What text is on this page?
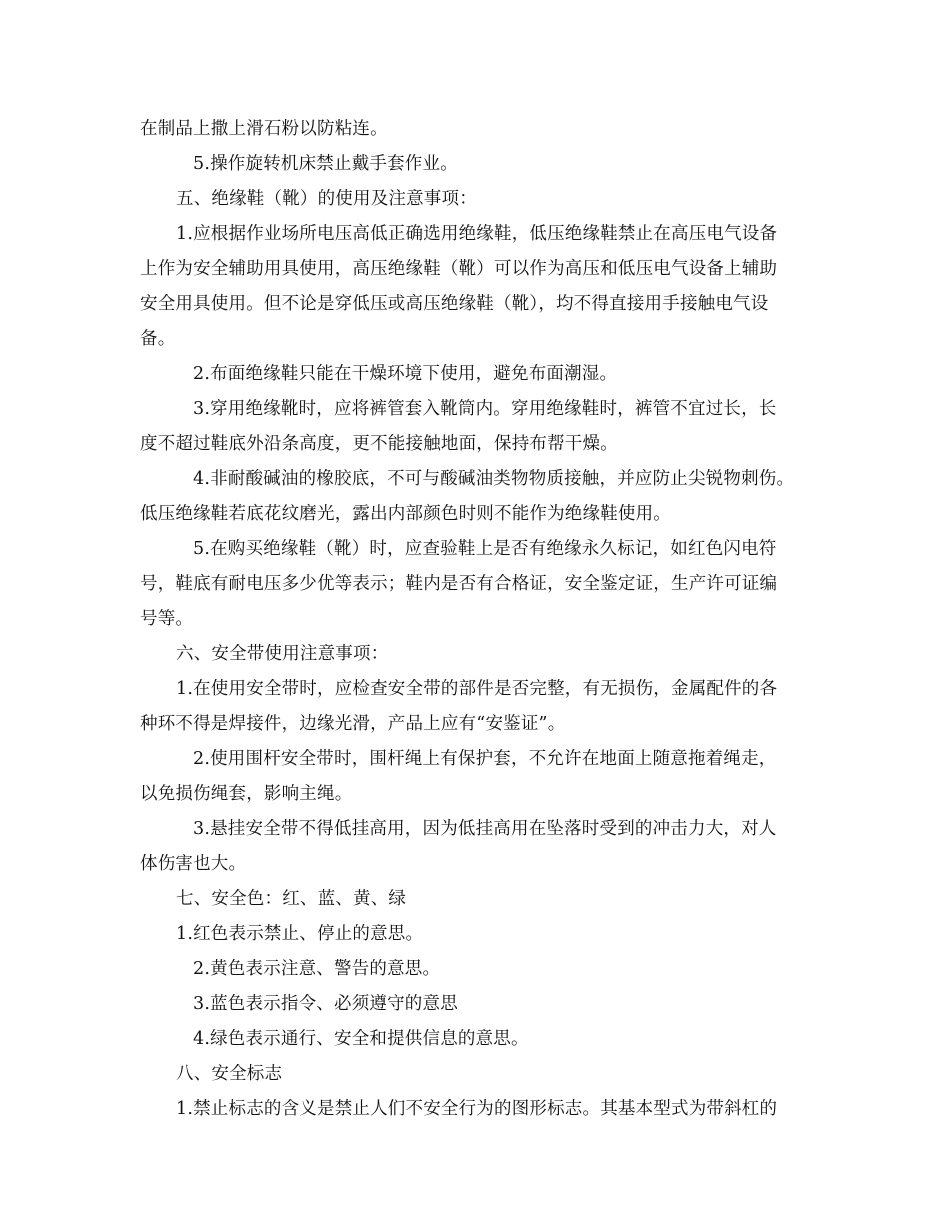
在制品上撒上滑石粉以防粘连。
5.操作旋转机床禁止戴手套作业。
五、绝缘鞋（靴）的使用及注意事项：
1.应根据作业场所电压高低正确选用绝缘鞋，低压绝缘鞋禁止在高压电气设备
上作为安全辅助用具使用，高压绝缘鞋（靴）可以作为高压和低压电气设备上辅助
安全用具使用。但不论是穿低压或高压绝缘鞋（靴），均不得直接用手接触电气设
备。
2.布面绝缘鞋只能在干燥环境下使用，避免布面潮湿。
3.穿用绝缘靴时，应将裤管套入靴筒内。穿用绝缘鞋时，裤管不宜过长，长
度不超过鞋底外沿条高度，更不能接触地面，保持布帮干燥。
4.非耐酸碱油的橡胶底，不可与酸碱油类物物质接触，并应防止尖锐物刺伤。
低压绝缘鞋若底花纹磨光，露出内部颜色时则不能作为绝缘鞋使用。
5.在购买绝缘鞋（靴）时，应查验鞋上是否有绝缘永久标记，如红色闪电符
号，鞋底有耐电压多少优等表示；鞋内是否有合格证，安全鉴定证，生产许可证编
号等。
六、安全带使用注意事项：
1.在使用安全带时，应检查安全带的部件是否完整，有无损伤，金属配件的各
种环不得是焊接件，边缘光滑，产品上应有“安鉴证”。
2.使用围杆安全带时，围杆绳上有保护套，不允许在地面上随意拖着绳走，
以免损伤绳套，影响主绳。
3.悬挂安全带不得低挂高用，因为低挂高用在坠落时受到的冲击力大，对人
体伤害也大。
七、安全色：红、蓝、黄、绿
1.红色表示禁止、停止的意思。
2.黄色表示注意、警告的意思。
3.蓝色表示指令、必须遵守的意思
4.绿色表示通行、安全和提供信息的意思。
八、安全标志
1.禁止标志的含义是禁止人们不安全行为的图形标志。其基本型式为带斜杠的
